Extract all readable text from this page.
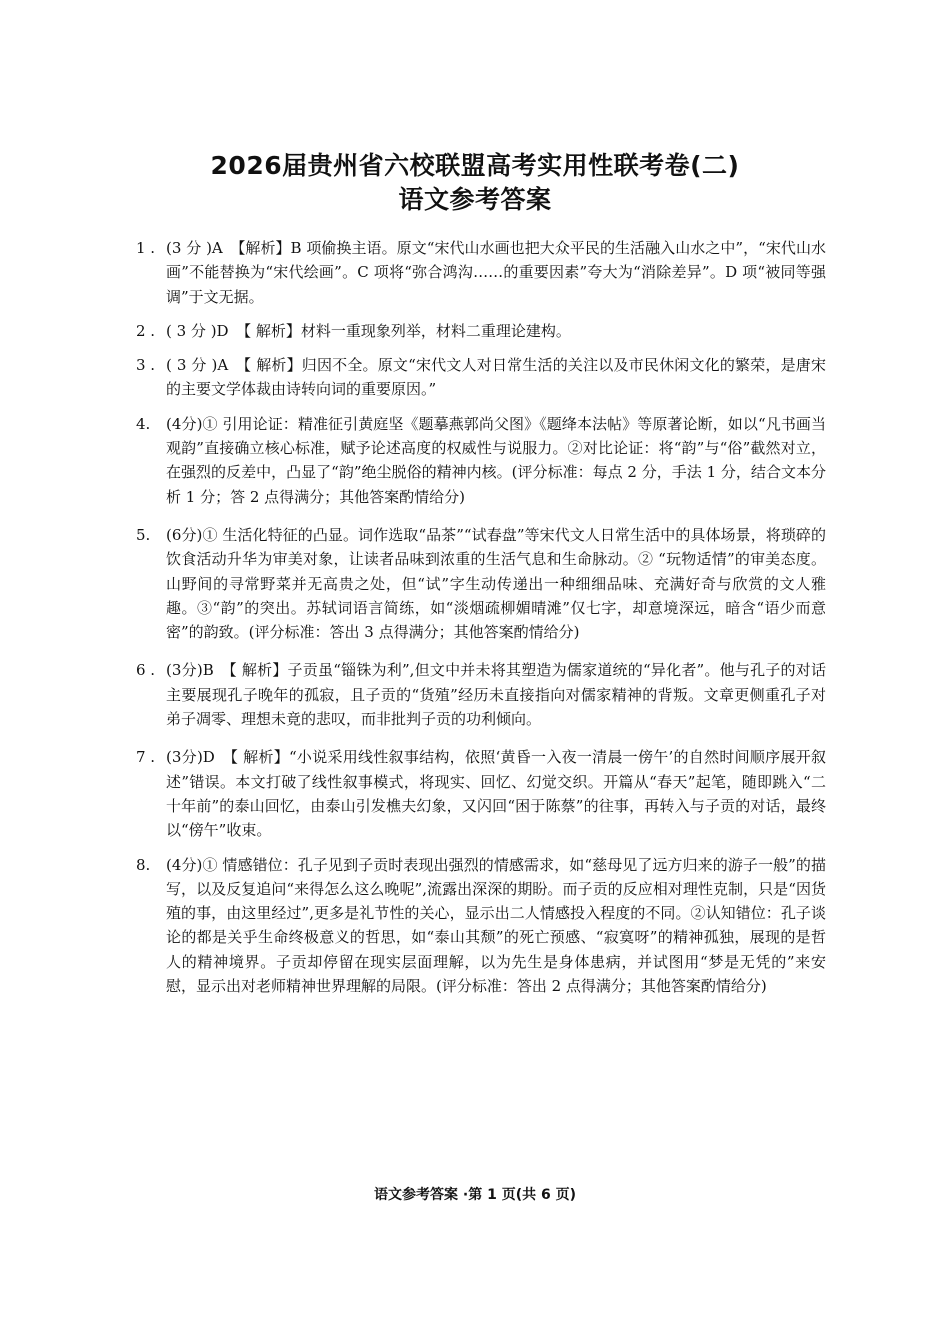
2026届贵州省六校联盟高考实用性联考卷(二)
语文参考答案
1 . (3 分 )A　【解析】B 项偷换主语。原文“宋代山水画也把大众平民的生活融入山水之中”，“宋代山水画”不能替换为“宋代绘画”。C 项将“弥合鸿沟……的重要因素”夸大为“消除差异”。D 项“被同等强调”于文无据。
2 . ( 3 分 )D　【 解析】材料一重现象列举，材料二重理论建构。
3 . ( 3 分 )A　【 解析】归因不全。原文“宋代文人对日常生活的关注以及市民休闲文化的繁荣，是唐宋的主要文学体裁由诗转向词的重要原因。”
4.	(4分)① 引用论证：精准征引黄庭坚《题摹燕郭尚父图》《题绛本法帖》等原著论断，如以“凡书画当观韵”直接确立核心标准，赋予论述高度的权威性与说服力。②对比论证：将“韵”与“俗”截然对立，在强烈的反差中，凸显了“韵”绝尘脱俗的精神内核。(评分标准：每点 2 分，手法 1 分，结合文本分析 1 分；答 2 点得满分；其他答案酌情给分)
5.	(6分)① 生活化特征的凸显。词作选取“品茶”“试春盘”等宋代文人日常生活中的具体场景，将琐碎的饮食活动升华为审美对象，让读者品味到浓重的生活气息和生命脉动。② “玩物适情”的审美态度。山野间的寻常野菜并无高贵之处，但“试”字生动传递出一种细细品味、充满好奇与欣赏的文人雅趣。③“韵”的突出。苏轼词语言简练，如“淡烟疏柳媚晴滩”仅七字，却意境深远，暗含“语少而意密”的韵致。(评分标准：答出 3 点得满分；其他答案酌情给分)
6 . (3分)B　【 解析】子贡虽“锱铢为利”,但文中并未将其塑造为儒家道统的“异化者”。他与孔子的对话主要展现孔子晚年的孤寂，且子贡的“货殖”经历未直接指向对儒家精神的背叛。文章更侧重孔子对弟子凋零、理想未竟的悲叹，而非批判子贡的功利倾向。
7 . (3分)D　【 解析】“小说采用线性叙事结构，依照‘黄昏一入夜一清晨一傍午’的自然时间顺序展开叙述”错误。本文打破了线性叙事模式，将现实、回忆、幻觉交织。开篇从“春天”起笔，随即跳入“二十年前”的泰山回忆，由泰山引发樵夫幻象，又闪回“困于陈蔡”的往事，再转入与子贡的对话，最终以“傍午”收束。
8.	(4分)① 情感错位：孔子见到子贡时表现出强烈的情感需求，如“慈母见了远方归来的游子一般”的描写，以及反复追问“来得怎么这么晚呢”,流露出深深的期盼。而子贡的反应相对理性克制，只是“因货殖的事，由这里经过”,更多是礼节性的关心，显示出二人情感投入程度的不同。②认知错位：孔子谈论的都是关乎生命终极意义的哲思，如“泰山其颓”的死亡预感、“寂寞呀”的精神孤独，展现的是哲人的精神境界。子贡却停留在现实层面理解，以为先生是身体患病，并试图用“梦是无凭的”来安慰，显示出对老师精神世界理解的局限。(评分标准：答出 2 点得满分；其他答案酌情给分)

语文参考答案 ·第 1 页(共 6 页)
